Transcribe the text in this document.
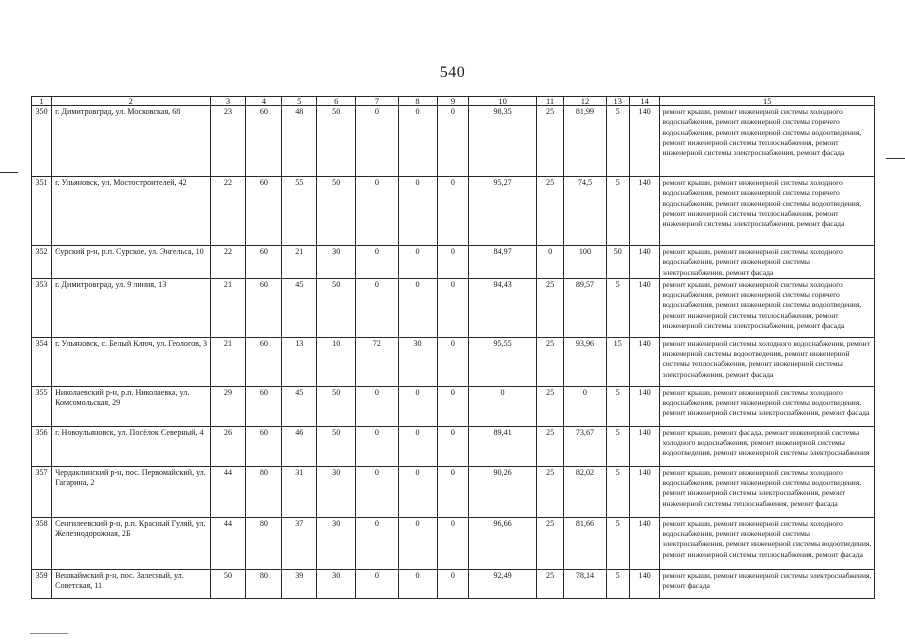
540
1	2	3	4	5	6	7	8	9	10	11	12	13	14	15
350	г. Димитровград, ул. Московская, 68	23	60	48	50	0	0	0	98,35	25	81,99	5	140	ремонт крыши, ремонт инженерной системы холодного водоснабжения, ремонт инженерной системы горячего водоснабжения, ремонт инженерной системы водоотведения, ремонт инженерной системы теплоснабжения, ремонт инженерной системы электроснабжения, ремонт фасада
351	г. Ульяновск, ул. Мостостроителей, 42	22	60	55	50	0	0	0	95,27	25	74,5	5	140	ремонт крыши, ремонт инженерной системы холодного водоснабжения, ремонт инженерной системы горячего водоснабжения, ремонт инженерной системы водоотведения, ремонт инженерной системы теплоснабжения, ремонт инженерной системы электроснабжения, ремонт фасада
352	Сурский р-н, р.п. Сурское, ул. Энгельса, 10	22	60	21	30	0	0	0	84,97	0	100	50	140	ремонт крыши, ремонт инженерной системы холодного водоснабжения, ремонт инженерной системы электроснабжения, ремонт фасада
353	г. Димитровград, ул. 9 линия, 13	21	60	45	50	0	0	0	94,43	25	89,57	5	140	ремонт крыши, ремонт инженерной системы холодного водоснабжения, ремонт инженерной системы горячего водоснабжения, ремонт инженерной системы водоотведения, ремонт инженерной системы теплоснабжения, ремонт инженерной системы электроснабжения, ремонт фасада
354	г. Ульяновск, с. Белый Ключ, ул. Геологов, 3	21	60	13	10	72	30	0	95,55	25	93,96	15	140	ремонт инженерной системы холодного водоснабжения, ремонт инженерной системы водоотведения, ремонт инженерной системы теплоснабжения, ремонт инженерной системы электроснабжения, ремонт фасада
355	Николаевский р-н, р.п. Николаевка, ул. Комсомольская, 29	29	60	45	50	0	0	0	0	25	0	5	140	ремонт крыши, ремонт инженерной системы холодного водоснабжения, ремонт инженерной системы водоотведения, ремонт инженерной системы электроснабжения, ремонт фасада
356	г. Новоульяновск, ул. Посёлок Северный, 4	26	60	46	50	0	0	0	89,41	25	73,67	5	140	ремонт крыши, ремонт фасада, ремонт инженерной системы холодного водоснабжения, ремонт инженерной системы водоотведения, ремонт инженерной системы электроснабжения
357	Чердаклинский р-н, пос. Первомайский, ул. Гагарина, 2	44	80	31	30	0	0	0	90,26	25	82,02	5	140	ремонт крыши, ремонт инженерной системы холодного водоснабжения, ремонт инженерной системы водоотведения, ремонт инженерной системы электроснабжения, ремонт инженерной системы теплоснабжения, ремонт фасада
358	Сенгилеевский р-н, р.п. Красный Гуляй, ул. Железнодорожная, 2Б	44	80	37	30	0	0	0	96,66	25	81,66	5	140	ремонт крыши, ремонт инженерной системы холодного водоснабжения, ремонт инженерной системы электроснабжения, ремонт инженерной системы водоотведения, ремонт инженерной системы теплоснабжения, ремонт фасада
359	Вешкаймский р-н, пос. Залесный, ул. Советская, 11	50	80	39	30	0	0	0	92,49	25	78,14	5	140	ремонт крыши, ремонт инженерной системы электроснабжения, ремонт фасада
